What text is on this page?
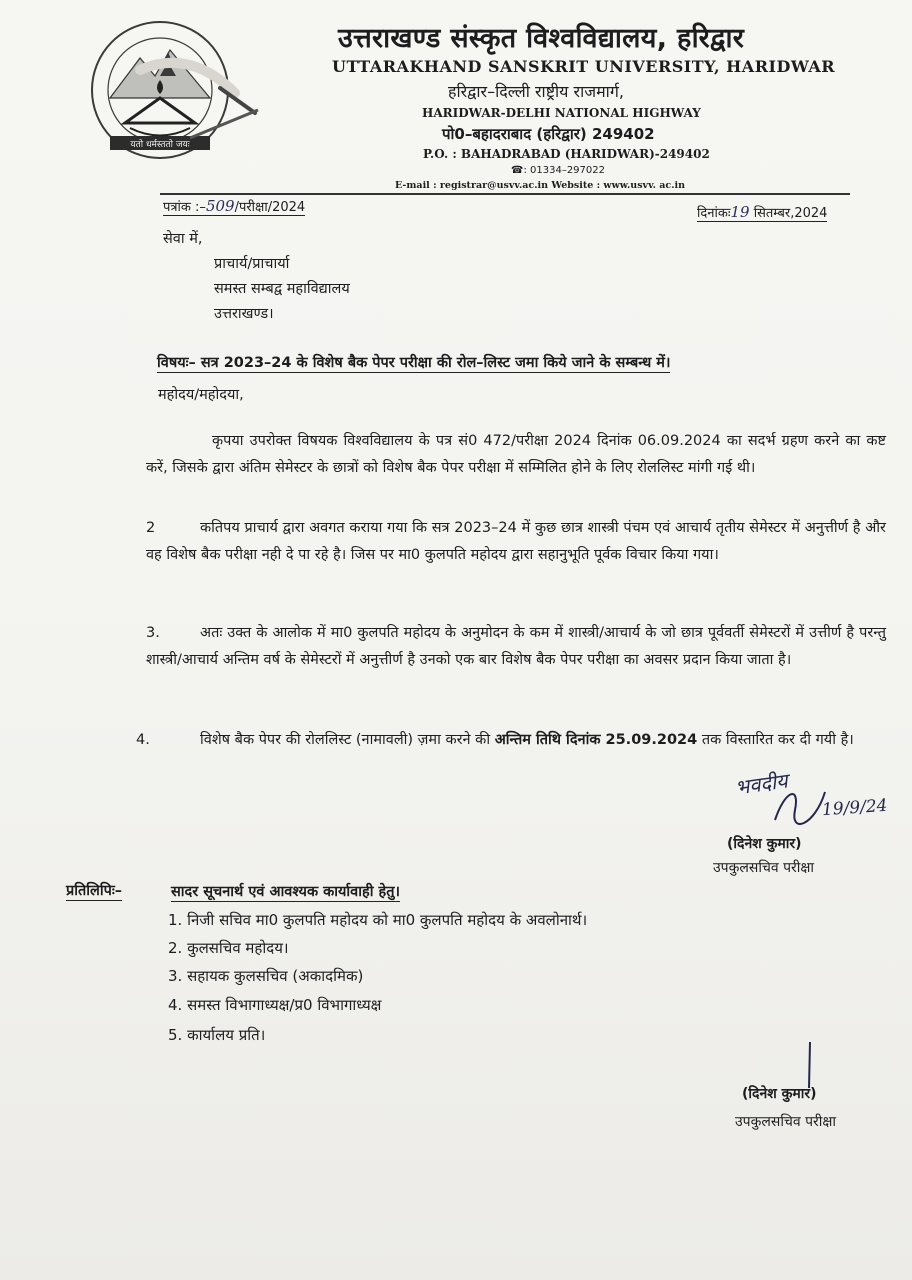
यतो धर्मस्ततो जयः
उत्तराखण्ड संस्कृत विश्वविद्यालय, हरिद्वार
UTTARAKHAND SANSKRIT UNIVERSITY, HARIDWAR
हरिद्वार–दिल्ली राष्ट्रीय राजमार्ग,
HARIDWAR-DELHI NATIONAL HIGHWAY
पो0–बहादराबाद (हरिद्वार) 249402
P.O. : BAHADRABAD (HARIDWAR)-249402
☎: 01334–297022
E-mail : registrar@usvv.ac.in Website : www.usvv. ac.in
पत्रांक :–509/परीक्षा/2024	दिनांकः19 सितम्बर,2024
सेवा में,
प्राचार्य/प्राचार्या
समस्त सम्बद्व महाविद्यालय
उत्तराखण्ड।
विषयः– सत्र 2023–24 के विशेष बैक पेपर परीक्षा की रोल–लिस्ट जमा किये जाने के सम्बन्ध में।
महोदय/महोदया,
कृपया उपरोक्त विषयक विश्वविद्यालय के पत्र सं0 472/परीक्षा 2024 दिनांक 06.09.2024 का सदर्भ ग्रहण करने का कष्ट करें, जिसके द्वारा अंतिम सेमेस्टर के छात्रों को विशेष बैक पेपर परीक्षा में सम्मिलित होने के लिए रोललिस्ट मांगी गई थी।
2	कतिपय प्राचार्य द्वारा अवगत कराया गया कि सत्र 2023–24 में कुछ छात्र शास्त्री पंचम एवं आचार्य तृतीय सेमेस्टर में अनुत्तीर्ण है और वह विशेष बैक परीक्षा नही दे पा रहे है। जिस पर मा0 कुलपति महोदय द्वारा सहानुभूति पूर्वक विचार किया गया।
3.	अतः उक्त के आलोक में मा0 कुलपति महोदय के अनुमोदन के कम में शास्त्री/आचार्य के जो छात्र पूर्ववर्ती सेमेस्टरों में उत्तीर्ण है परन्तु शास्त्री/आचार्य अन्तिम वर्ष के सेमेस्टरों में अनुत्तीर्ण है उनको एक बार विशेष बैक पेपर परीक्षा का अवसर प्रदान किया जाता है।
4.	विशेष बैक पेपर की रोललिस्ट (नामावली) ज़मा करने की अन्तिम तिथि दिनांक 25.09.2024 तक विस्तारित कर दी गयी है।
भवदीय
19/9/24
(दिनेश कुमार)
उपकुलसचिव परीक्षा
प्रतिलिपिः–	सादर सूचनार्थ एवं आवश्यक कार्यावाही हेतु।
1. निजी सचिव मा0 कुलपति महोदय को मा0 कुलपति महोदय के अवलोनार्थ।
2. कुलसचिव महोदय।
3. सहायक कुलसचिव (अकादमिक)
4. समस्त विभागाध्यक्ष/प्र0 विभागाध्यक्ष
5. कार्यालय प्रति।
(दिनेश कुमार)
उपकुलसचिव परीक्षा
